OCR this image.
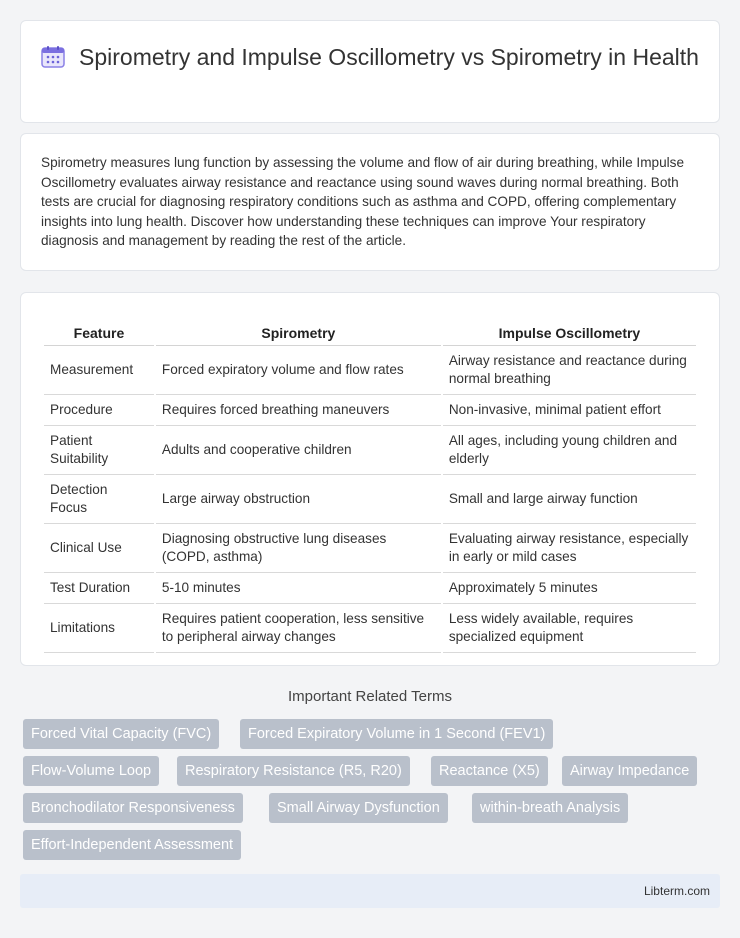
Spirometry and Impulse Oscillometry vs Spirometry in Health

Spirometry measures lung function by assessing the volume and flow of air during breathing, while Impulse Oscillometry evaluates airway resistance and reactance using sound waves during normal breathing. Both tests are crucial for diagnosing respiratory conditions such as asthma and COPD, offering complementary insights into lung health. Discover how understanding these techniques can improve Your respiratory diagnosis and management by reading the rest of the article.

Feature	Spirometry	Impulse Oscillometry
Measurement	Forced expiratory volume and flow rates	Airway resistance and reactance during normal breathing
Procedure	Requires forced breathing maneuvers	Non-invasive, minimal patient effort
Patient Suitability	Adults and cooperative children	All ages, including young children and elderly
Detection Focus	Large airway obstruction	Small and large airway function
Clinical Use	Diagnosing obstructive lung diseases (COPD, asthma)	Evaluating airway resistance, especially in early or mild cases
Test Duration	5-10 minutes	Approximately 5 minutes
Limitations	Requires patient cooperation, less sensitive to peripheral airway changes	Less widely available, requires specialized equipment
Important Related Terms
Forced Vital Capacity (FVC)	Forced Expiratory Volume in 1 Second (FEV1)
Flow-Volume Loop	Respiratory Resistance (R5, R20)	Reactance (X5)	Airway Impedance
Bronchodilator Responsiveness	Small Airway Dysfunction	within-breath Analysis
Effort-Independent Assessment
Libterm.com
